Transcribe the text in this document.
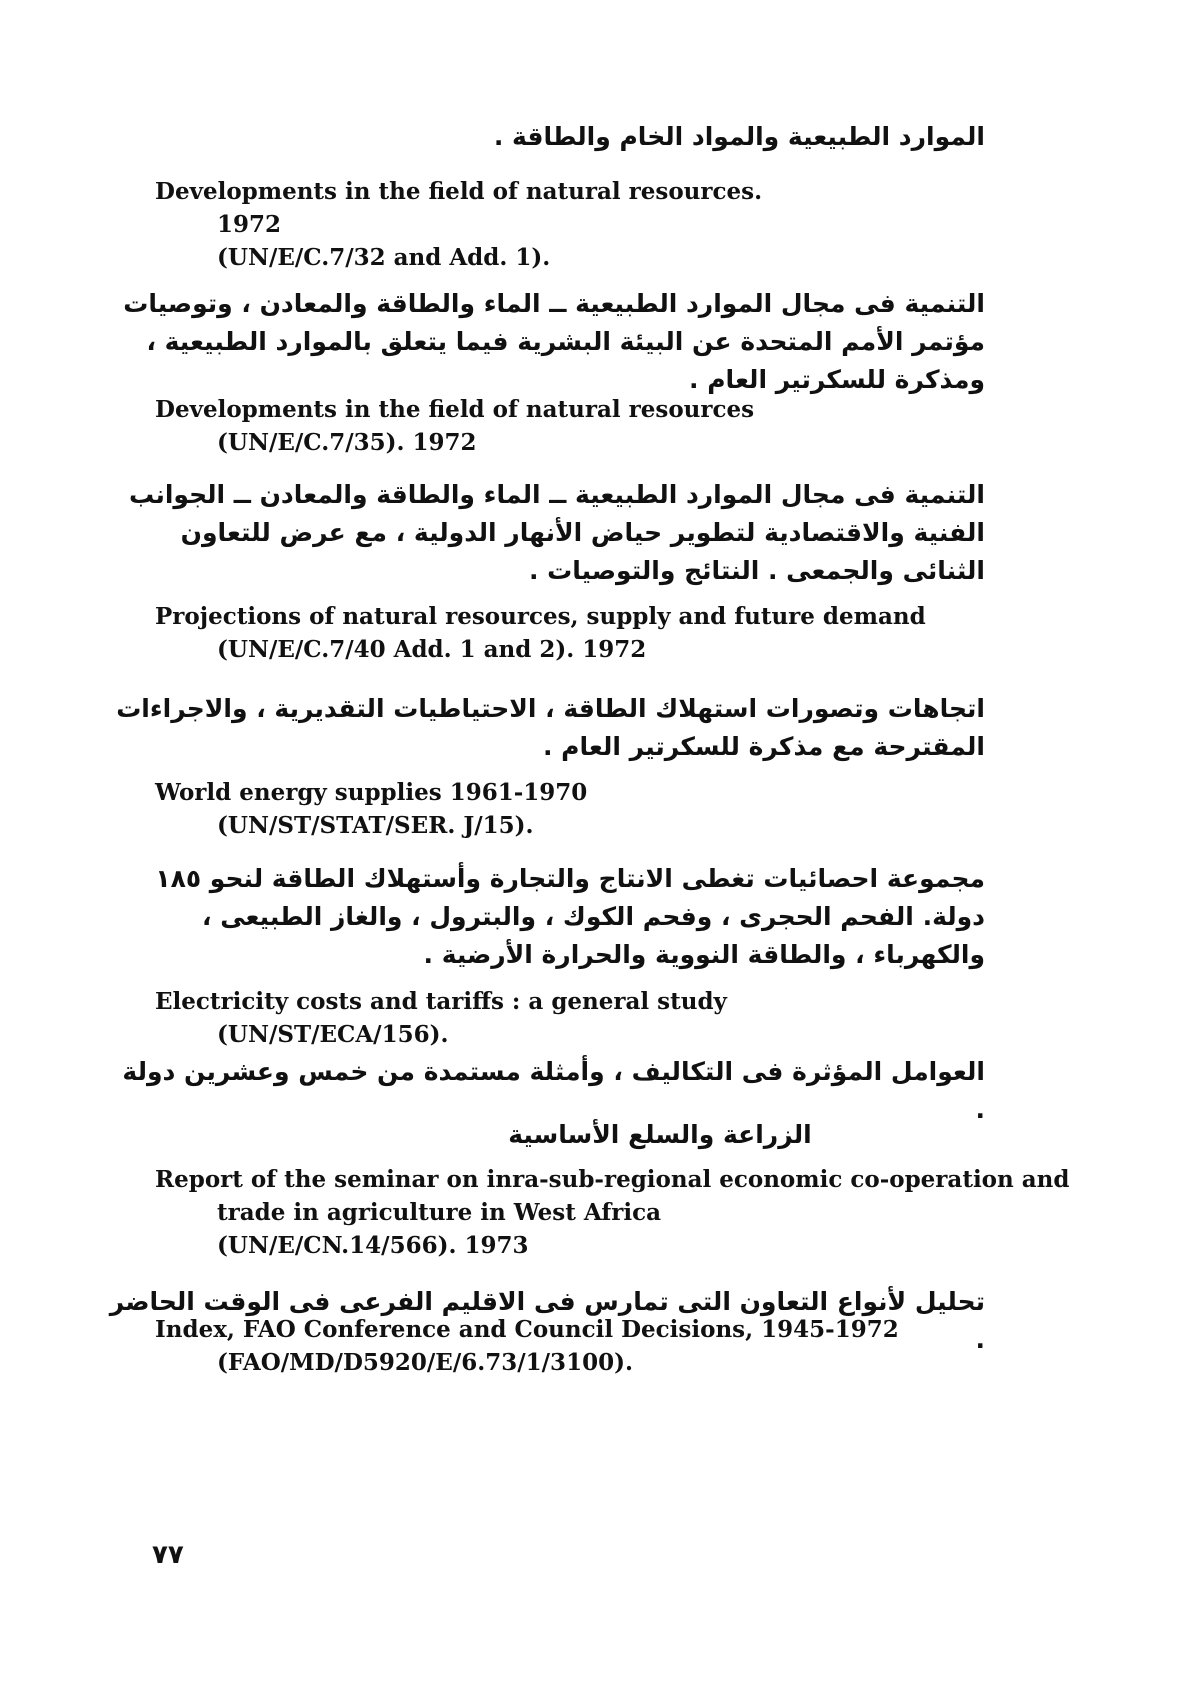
الموارد الطبيعية والمواد الخام والطاقة .
Developments in the field of natural resources.
1972
(UN/E/C.7/32 and Add. 1).
التنمية فى مجال الموارد الطبيعية ــ الماء والطاقة والمعادن ، وتوصيات مؤتمر الأمم المتحدة عن البيئة البشرية فيما يتعلق بالموارد الطبيعية ، ومذكرة للسكرتير العام .
Developments in the field of natural resources
(UN/E/C.7/35). 1972
التنمية فى مجال الموارد الطبيعية ــ الماء والطاقة والمعادن ــ الجوانب الفنية والاقتصادية لتطوير حياض الأنهار الدولية ، مع عرض للتعاون الثنائى والجمعى . النتائج والتوصيات .
Projections of natural resources, supply and future demand
(UN/E/C.7/40 Add. 1 and 2). 1972
اتجاهات وتصورات استهلاك الطاقة ، الاحتياطيات التقديرية ، والاجراءات المقترحة مع مذكرة للسكرتير العام .
World energy supplies 1961-1970
(UN/ST/STAT/SER. J/15).
مجموعة احصائيات تغطى الانتاج والتجارة وأستهلاك الطاقة لنحو ١٨٥ دولة. الفحم الحجرى ، وفحم الكوك ، والبترول ، والغاز الطبيعى ، والكهرباء ، والطاقة النووية والحرارة الأرضية .
Electricity costs and tariffs : a general study
(UN/ST/ECA/156).
العوامل المؤثرة فى التكاليف ، وأمثلة مستمدة من خمس وعشرين دولة .
الزراعة والسلع الأساسية
Report of the seminar on inra-sub-regional economic co-operation and
trade in agriculture in West Africa
(UN/E/CN.14/566). 1973
تحليل لأنواع التعاون التى تمارس فى الاقليم الفرعى فى الوقت الحاضر .
Index, FAO Conference and Council Decisions, 1945-1972
(FAO/MD/D5920/E/6.73/1/3100).
٧٧
